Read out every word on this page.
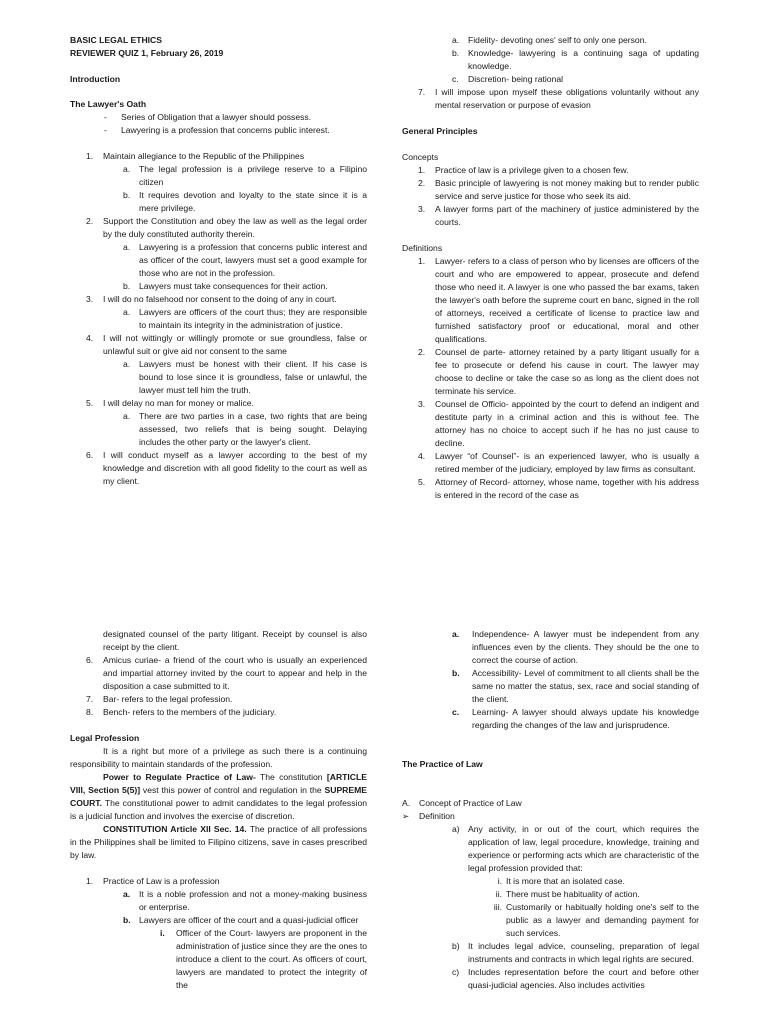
BASIC LEGAL ETHICS

REVIEWER QUIZ 1, February 26, 2019

Introduction

The Lawyer's Oath

-	Series of Obligation that a lawyer should possess.
-	Lawyering is a profession that concerns public interest.
1.	Maintain allegiance to the Republic of the Philippines
a.	The legal profession is a privilege reserve to a Filipino citizen
b.	It requires devotion and loyalty to the state since it is a mere privilege.
2.	Support the Constitution and obey the law as well as the legal order by the duly constituted authority therein.
a.	Lawyering is a profession that concerns public interest and as officer of the court, lawyers must set a good example for those who are not in the profession.
b.	Lawyers must take consequences for their action.
3.	I will do no falsehood nor consent to the doing of any in court.
a.	Lawyers are officers of the court thus; they are responsible to maintain its integrity in the administration of justice.
4.	I will not wittingly or willingly promote or sue groundless, false or unlawful suit or give aid nor consent to the same
a.	Lawyers must be honest with their client. If his case is bound to lose since it is groundless, false or unlawful, the lawyer must tell him the truth.
5.	I will delay no man for money or malice.
a.	There are two parties in a case, two rights that are being assessed, two reliefs that is being sought. Delaying includes the other party or the lawyer's client.
6.	I will conduct myself as a lawyer according to the best of my knowledge and discretion with all good fidelity to the court as well as my client.
a.	Fidelity- devoting ones' self to only one person.
b.	Knowledge- lawyering is a continuing saga of updating knowledge.
c.	Discretion- being rational
7.	I will impose upon myself these obligations voluntarily without any mental reservation or purpose of evasion

General Principles

Concepts

1.	Practice of law is a privilege given to a chosen few.
2.	Basic principle of lawyering is not money making but to render public service and serve justice for those who seek its aid.
3.	A lawyer forms part of the machinery of justice administered by the courts.

Definitions

1.	Lawyer- refers to a class of person who by licenses are officers of the court and who are empowered to appear, prosecute and defend those who need it. A lawyer is one who passed the bar exams, taken the lawyer's oath before the supreme court en banc, signed in the roll of attorneys, received a certificate of license to practice law and furnished satisfactory proof or educational, moral and other qualifications.
2.	Counsel de parte- attorney retained by a party litigant usually for a fee to prosecute or defend his cause in court. The lawyer may choose to decline or take the case so as long as the client does not terminate his service.
3.	Counsel de Officio- appointed by the court to defend an indigent and destitute party in a criminal action and this is without fee. The attorney has no choice to accept such if he has no just cause to decline.
4.	Lawyer “of Counsel”- is an experienced lawyer, who is usually a retired member of the judiciary, employed by law firms as consultant.
5.	Attorney of Record- attorney, whose name, together with his address is entered in the record of the case as

designated counsel of the party litigant. Receipt by counsel is also receipt by the client.

6.	Amicus curiae- a friend of the court who is usually an experienced and impartial attorney invited by the court to appear and help in the disposition a case submitted to it.
7.	Bar- refers to the legal profession.
8.	Bench- refers to the members of the judiciary.

Legal Profession

It is a right but more of a privilege as such there is a continuing responsibility to maintain standards of the profession.

Power to Regulate Practice of Law- The constitution [ARTICLE VIII, Section 5(5)] vest this power of control and regulation in the SUPREME COURT. The constitutional power to admit candidates to the legal profession is a judicial function and involves the exercise of discretion.

CONSTITUTION Article XII Sec. 14. The practice of all professions in the Philippines shall be limited to Filipino citizens, save in cases prescribed by law.

1.	Practice of Law is a profession
a.	It is a noble profession and not a money-making business or enterprise.
b. Lawyers are officer of the court and a quasi-judicial officer
i.	Officer of the Court- lawyers are proponent in the administration of justice since they are the ones to introduce a client to the court. As officers of court, lawyers are mandated to protect the integrity of the
a.	Independence- A lawyer must be independent from any influences even by the clients. They should be the one to correct the course of action.
b.	Accessibility- Level of commitment to all clients shall be the same no matter the status, sex, race and social standing of the client.
c.	Learning- A lawyer should always update his knowledge regarding the changes of the law and jurisprudence.

The Practice of Law

A.	Concept of Practice of Law
➢	Definition
a) Any activity, in or out of the court, which requires the application of law, legal procedure, knowledge, training and experience or performing acts which are characteristic of the legal profession provided that:
i. It is more that an isolated case.
ii. There must be habituality of action.
iii. Customarily or habitually holding one's self to the public as a lawyer and demanding payment for such services.
b) It includes legal advice, counseling, preparation of legal instruments and contracts in which legal rights are secured.
c)	Includes representation before the court and before other quasi-judicial agencies. Also includes activities
